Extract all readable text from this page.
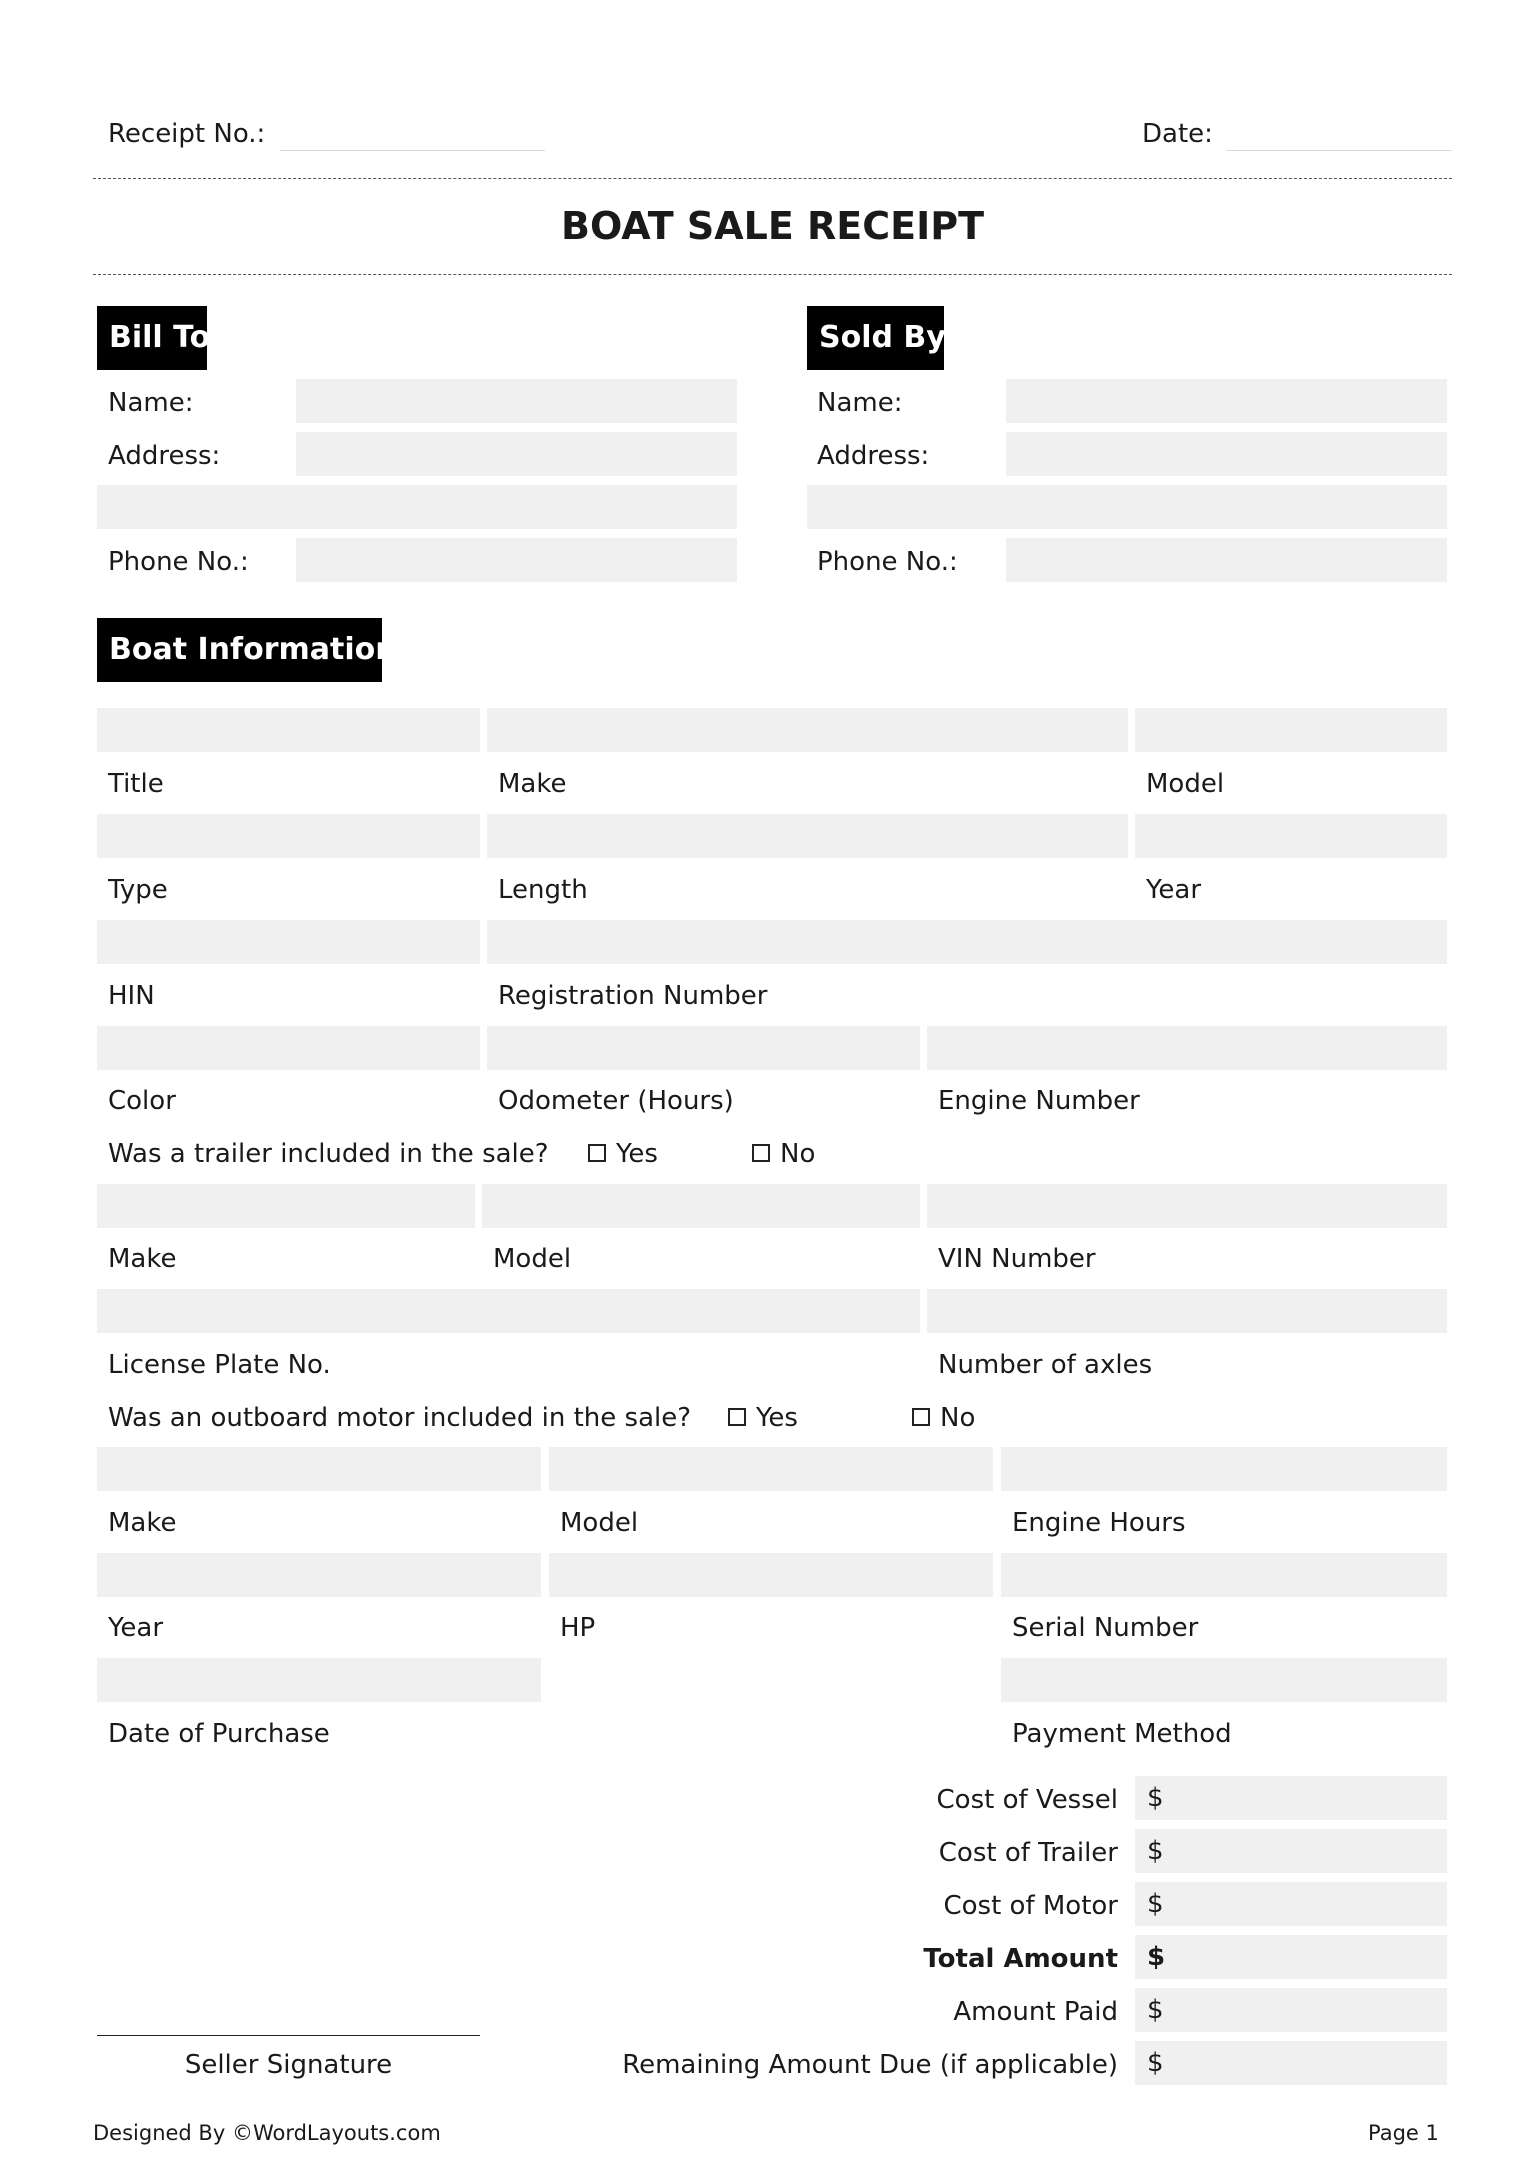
Receipt No.:	Date:
BOAT SALE RECEIPT
Bill To
Name:
Address:
Phone No.:
Sold By
Name:
Address:
Phone No.:
Boat Information
Title	Make	Model
Type	Length	Year
HIN	Registration Number
Color	Odometer (Hours)	Engine Number
Was a trailer included in the sale?	Yes	No
Make	Model	VIN Number
License Plate No.	Number of axles
Was an outboard motor included in the sale?	Yes	No
Make	Model	Engine Hours
Year	HP	Serial Number
Date of Purchase	Payment Method
Cost of Vessel $
Cost of Trailer $
Cost of Motor $
Total Amount $
Amount Paid $
Remaining Amount Due (if applicable) $
Seller Signature
Designed By ©WordLayouts.com	Page 1
